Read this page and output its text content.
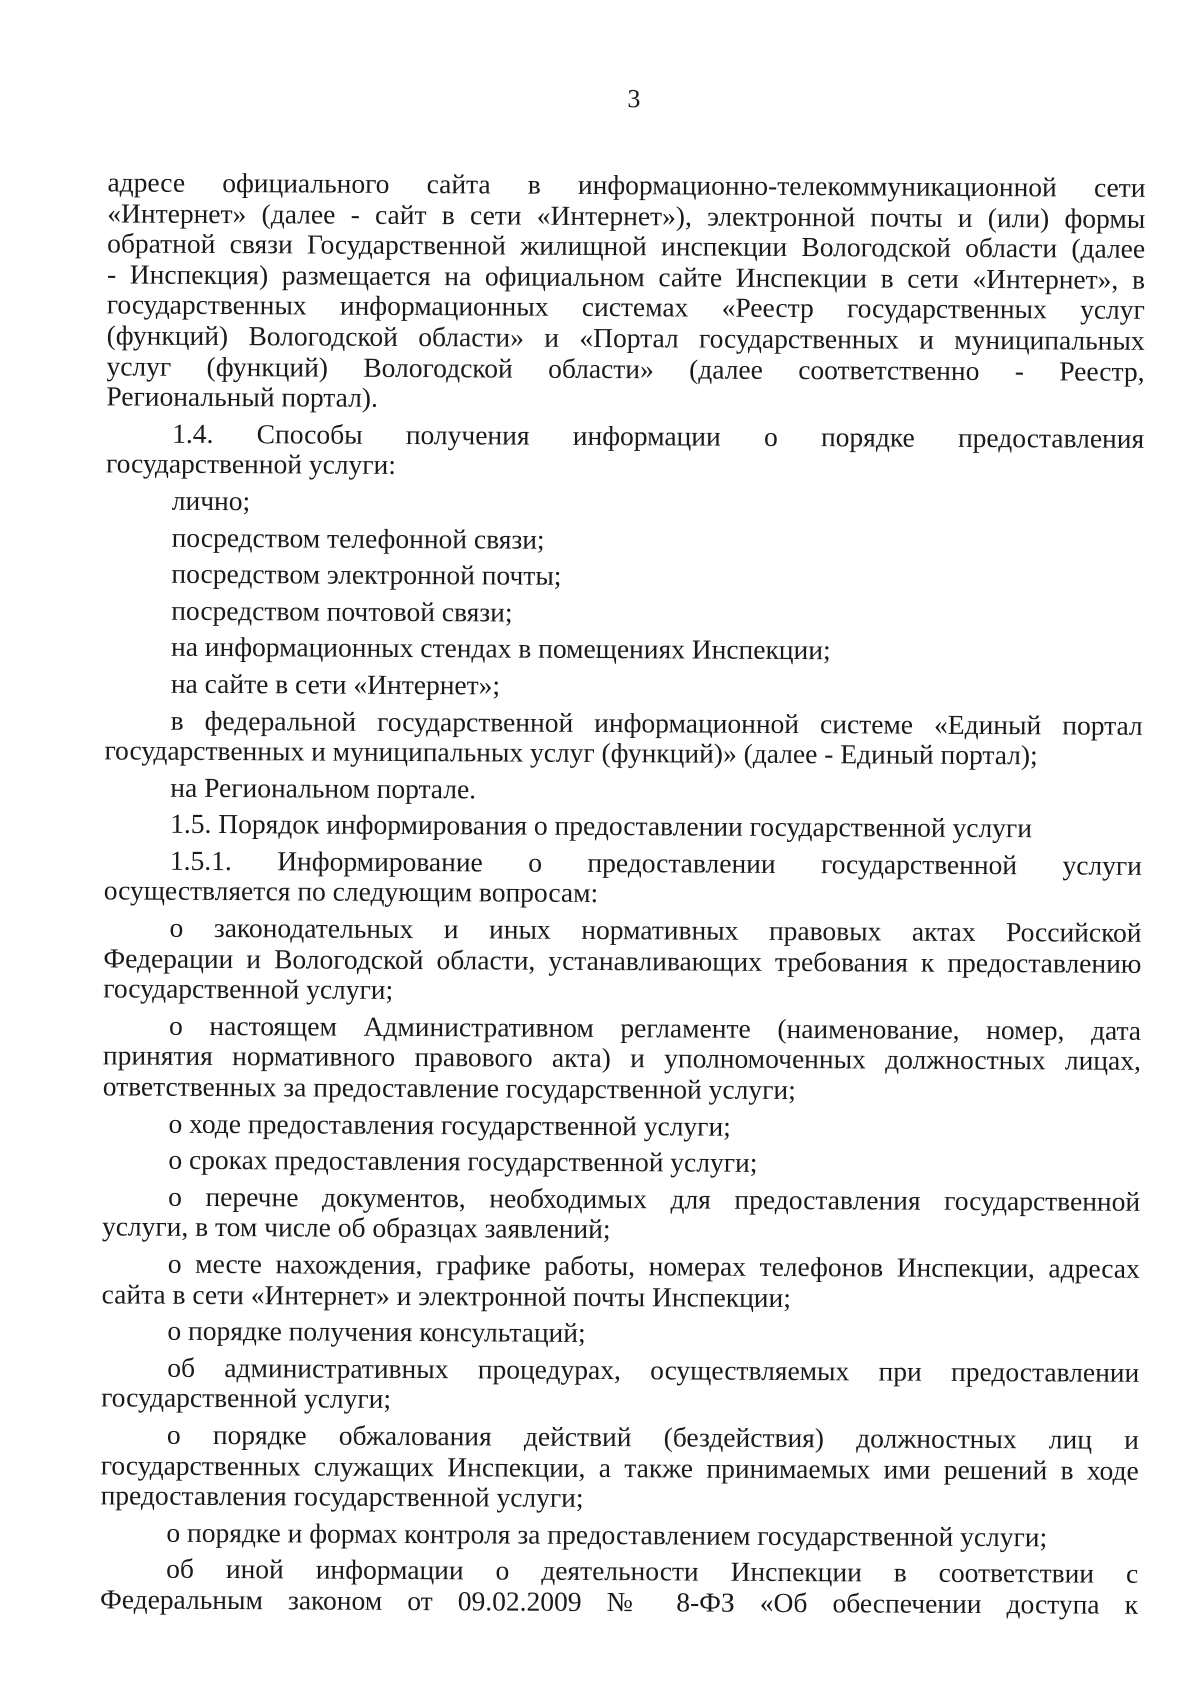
3

адресе официального сайта в информационно-телекоммуникационной сети

«Интернет» (далее - сайт в сети «Интернет»), электронной почты и (или) формы

обратной связи Государственной жилищной инспекции Вологодской области (далее

- Инспекция) размещается на официальном сайте Инспекции в сети «Интернет», в

государственных информационных системах «Реестр государственных услуг

(функций) Вологодской области» и «Портал государственных и муниципальных

услуг (функций) Вологодской области» (далее соответственно - Реестр,

Региональный портал).

1.4. Способы получения информации о порядке предоставления

государственной услуги:

лично;

посредством телефонной связи;

посредством электронной почты;

посредством почтовой связи;

на информационных стендах в помещениях Инспекции;

на сайте в сети «Интернет»;

в федеральной государственной информационной системе «Единый портал

государственных и муниципальных услуг (функций)» (далее - Единый портал);

на Региональном портале.

1.5. Порядок информирования о предоставлении государственной услуги

1.5.1. Информирование о предоставлении государственной услуги

осуществляется по следующим вопросам:

о законодательных и иных нормативных правовых актах Российской

Федерации и Вологодской области, устанавливающих требования к предоставлению

государственной услуги;

о настоящем Административном регламенте (наименование, номер, дата

принятия нормативного правового акта) и уполномоченных должностных лицах,

ответственных за предоставление государственной услуги;

о ходе предоставления государственной услуги;

о сроках предоставления государственной услуги;

о перечне документов, необходимых для предоставления государственной

услуги, в том числе об образцах заявлений;

о месте нахождения, графике работы, номерах телефонов Инспекции, адресах

сайта в сети «Интернет» и электронной почты Инспекции;

о порядке получения консультаций;

об административных процедурах, осуществляемых при предоставлении

государственной услуги;

о порядке обжалования действий (бездействия) должностных лиц и

государственных служащих Инспекции, а также принимаемых ими решений в ходе

предоставления государственной услуги;

о порядке и формах контроля за предоставлением государственной услуги;

об иной информации о деятельности Инспекции в соответствии с

Федеральным законом от 09.02.2009 № 8-ФЗ «Об обеспечении доступа к
